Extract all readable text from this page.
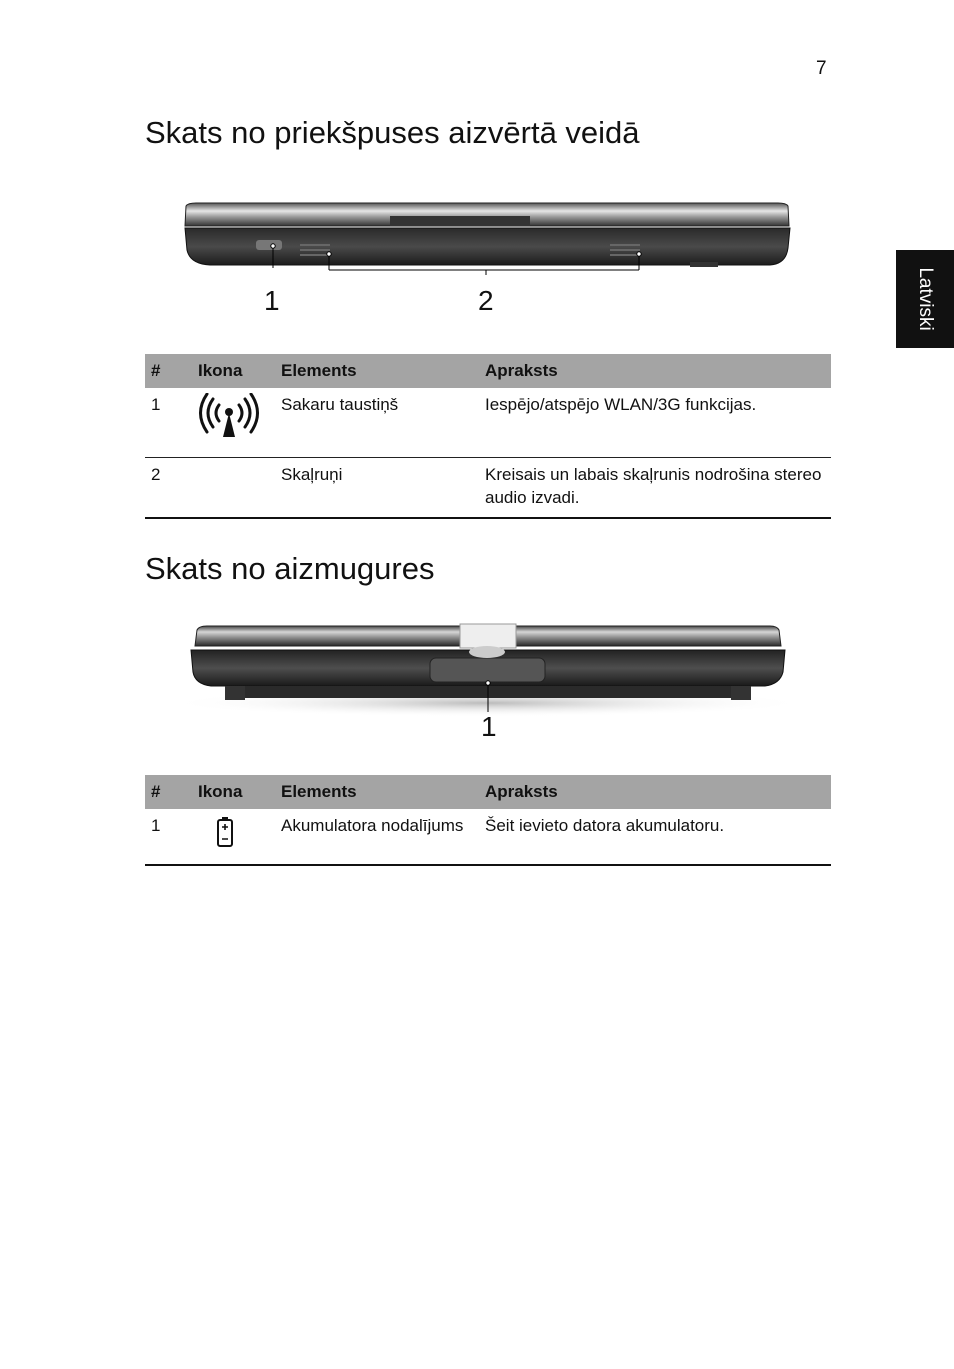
7
Latviski
Skats no priekšpuses aizvērtā veidā
1	2
#	Ikona	Elements	Apraksts
1		Sakaru taustiņš	Iespējo/atspējo WLAN/3G funkcijas.
2		Skaļruņi	Kreisais un labais skaļrunis nodrošina stereo audio izvadi.
Skats no aizmugures
1
#	Ikona	Elements	Apraksts
1		Akumulatora nodalījums	Šeit ievieto datora akumulatoru.
